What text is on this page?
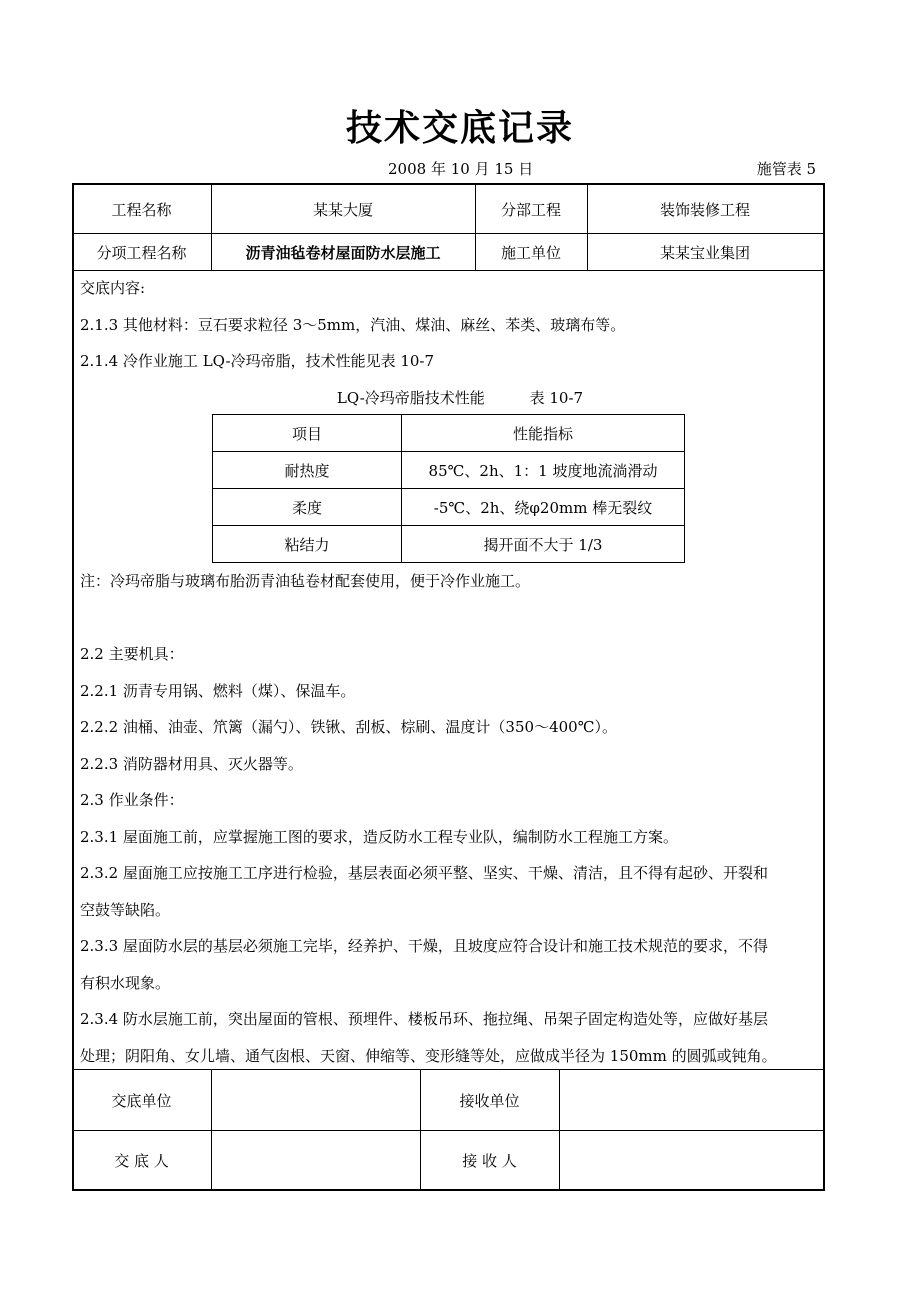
技术交底记录
2008 年 10 月 15 日	施管表 5
工程名称	某某大厦	分部工程	装饰装修工程
分项工程名称	沥青油毡卷材屋面防水层施工	施工单位	某某宝业集团

交底内容:

2.1.3 其他材料：豆石要求粒径 3～5mm，汽油、煤油、麻丝、苯类、玻璃布等。

2.1.4 冷作业施工 LQ-冷玛帝脂，技术性能见表 10-7

LQ-冷玛帝脂技术性能	表 10-7
项目	性能指标
耐热度	85℃、2h、1：1 坡度地流淌滑动
柔度	-5℃、2h、绕φ20mm 棒无裂纹
粘结力	揭开面不大于 1/3

注：冷玛帝脂与玻璃布胎沥青油毡卷材配套使用，便于冷作业施工。

2.2 主要机具：

2.2.1 沥青专用锅、燃料（煤）、保温车。

2.2.2 油桶、油壶、笊篱（漏勺）、铁锹、刮板、棕刷、温度计（350～400℃）。

2.2.3 消防器材用具、灭火器等。

2.3 作业条件：

2.3.1 屋面施工前，应掌握施工图的要求，造反防水工程专业队，编制防水工程施工方案。

2.3.2 屋面施工应按施工工序进行检验，基层表面必须平整、坚实、干燥、清洁，且不得有起砂、开裂和

空鼓等缺陷。

2.3.3 屋面防水层的基层必须施工完毕，经养护、干燥，且坡度应符合设计和施工技术规范的要求，不得

有积水现象。

2.3.4 防水层施工前，突出屋面的管根、预埋件、楼板吊环、拖拉绳、吊架子固定构造处等，应做好基层

处理；阴阳角、女儿墙、通气囱根、天窗、伸缩等、变形缝等处，应做成半径为 150mm 的圆弧或钝角。

交底单位	接收单位
交 底 人	接 收 人
